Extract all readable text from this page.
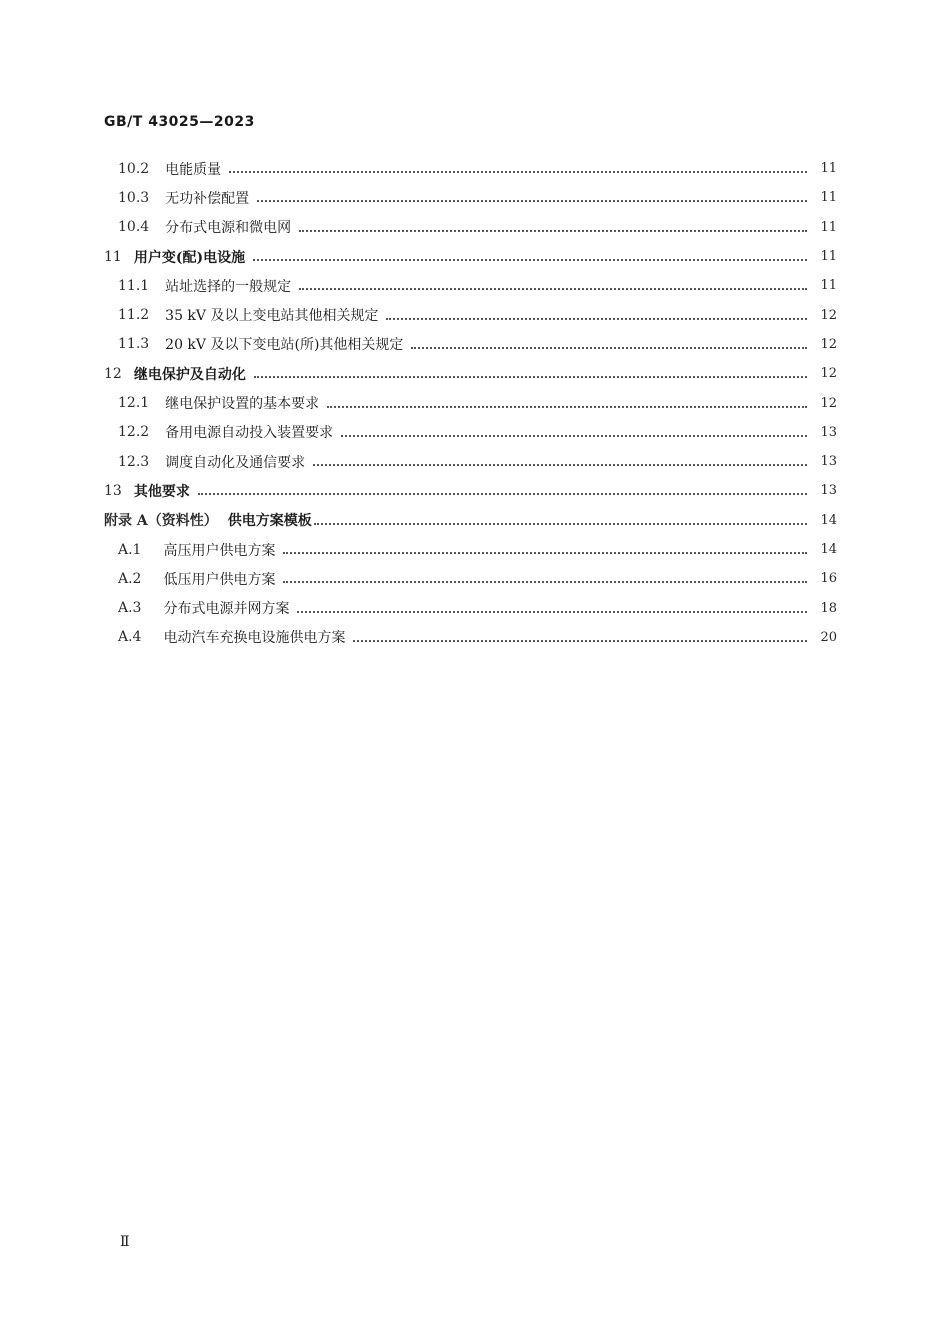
GB/T 43025—2023
10.2 电能质量	11
10.3 无功补偿配置	11
10.4 分布式电源和微电网	11
11 用户变(配)电设施	11
11.1 站址选择的一般规定	11
11.2 35 kV 及以上变电站其他相关规定	12
11.3 20 kV 及以下变电站(所)其他相关规定	12
12 继电保护及自动化	12
12.1 继电保护设置的基本要求	12
12.2 备用电源自动投入装置要求	13
12.3 调度自动化及通信要求	13
13 其他要求	13
附录 A（资料性） 供电方案模板	14
A.1 高压用户供电方案	14
A.2 低压用户供电方案	16
A.3 分布式电源并网方案	18
A.4 电动汽车充换电设施供电方案	20
Ⅱ
